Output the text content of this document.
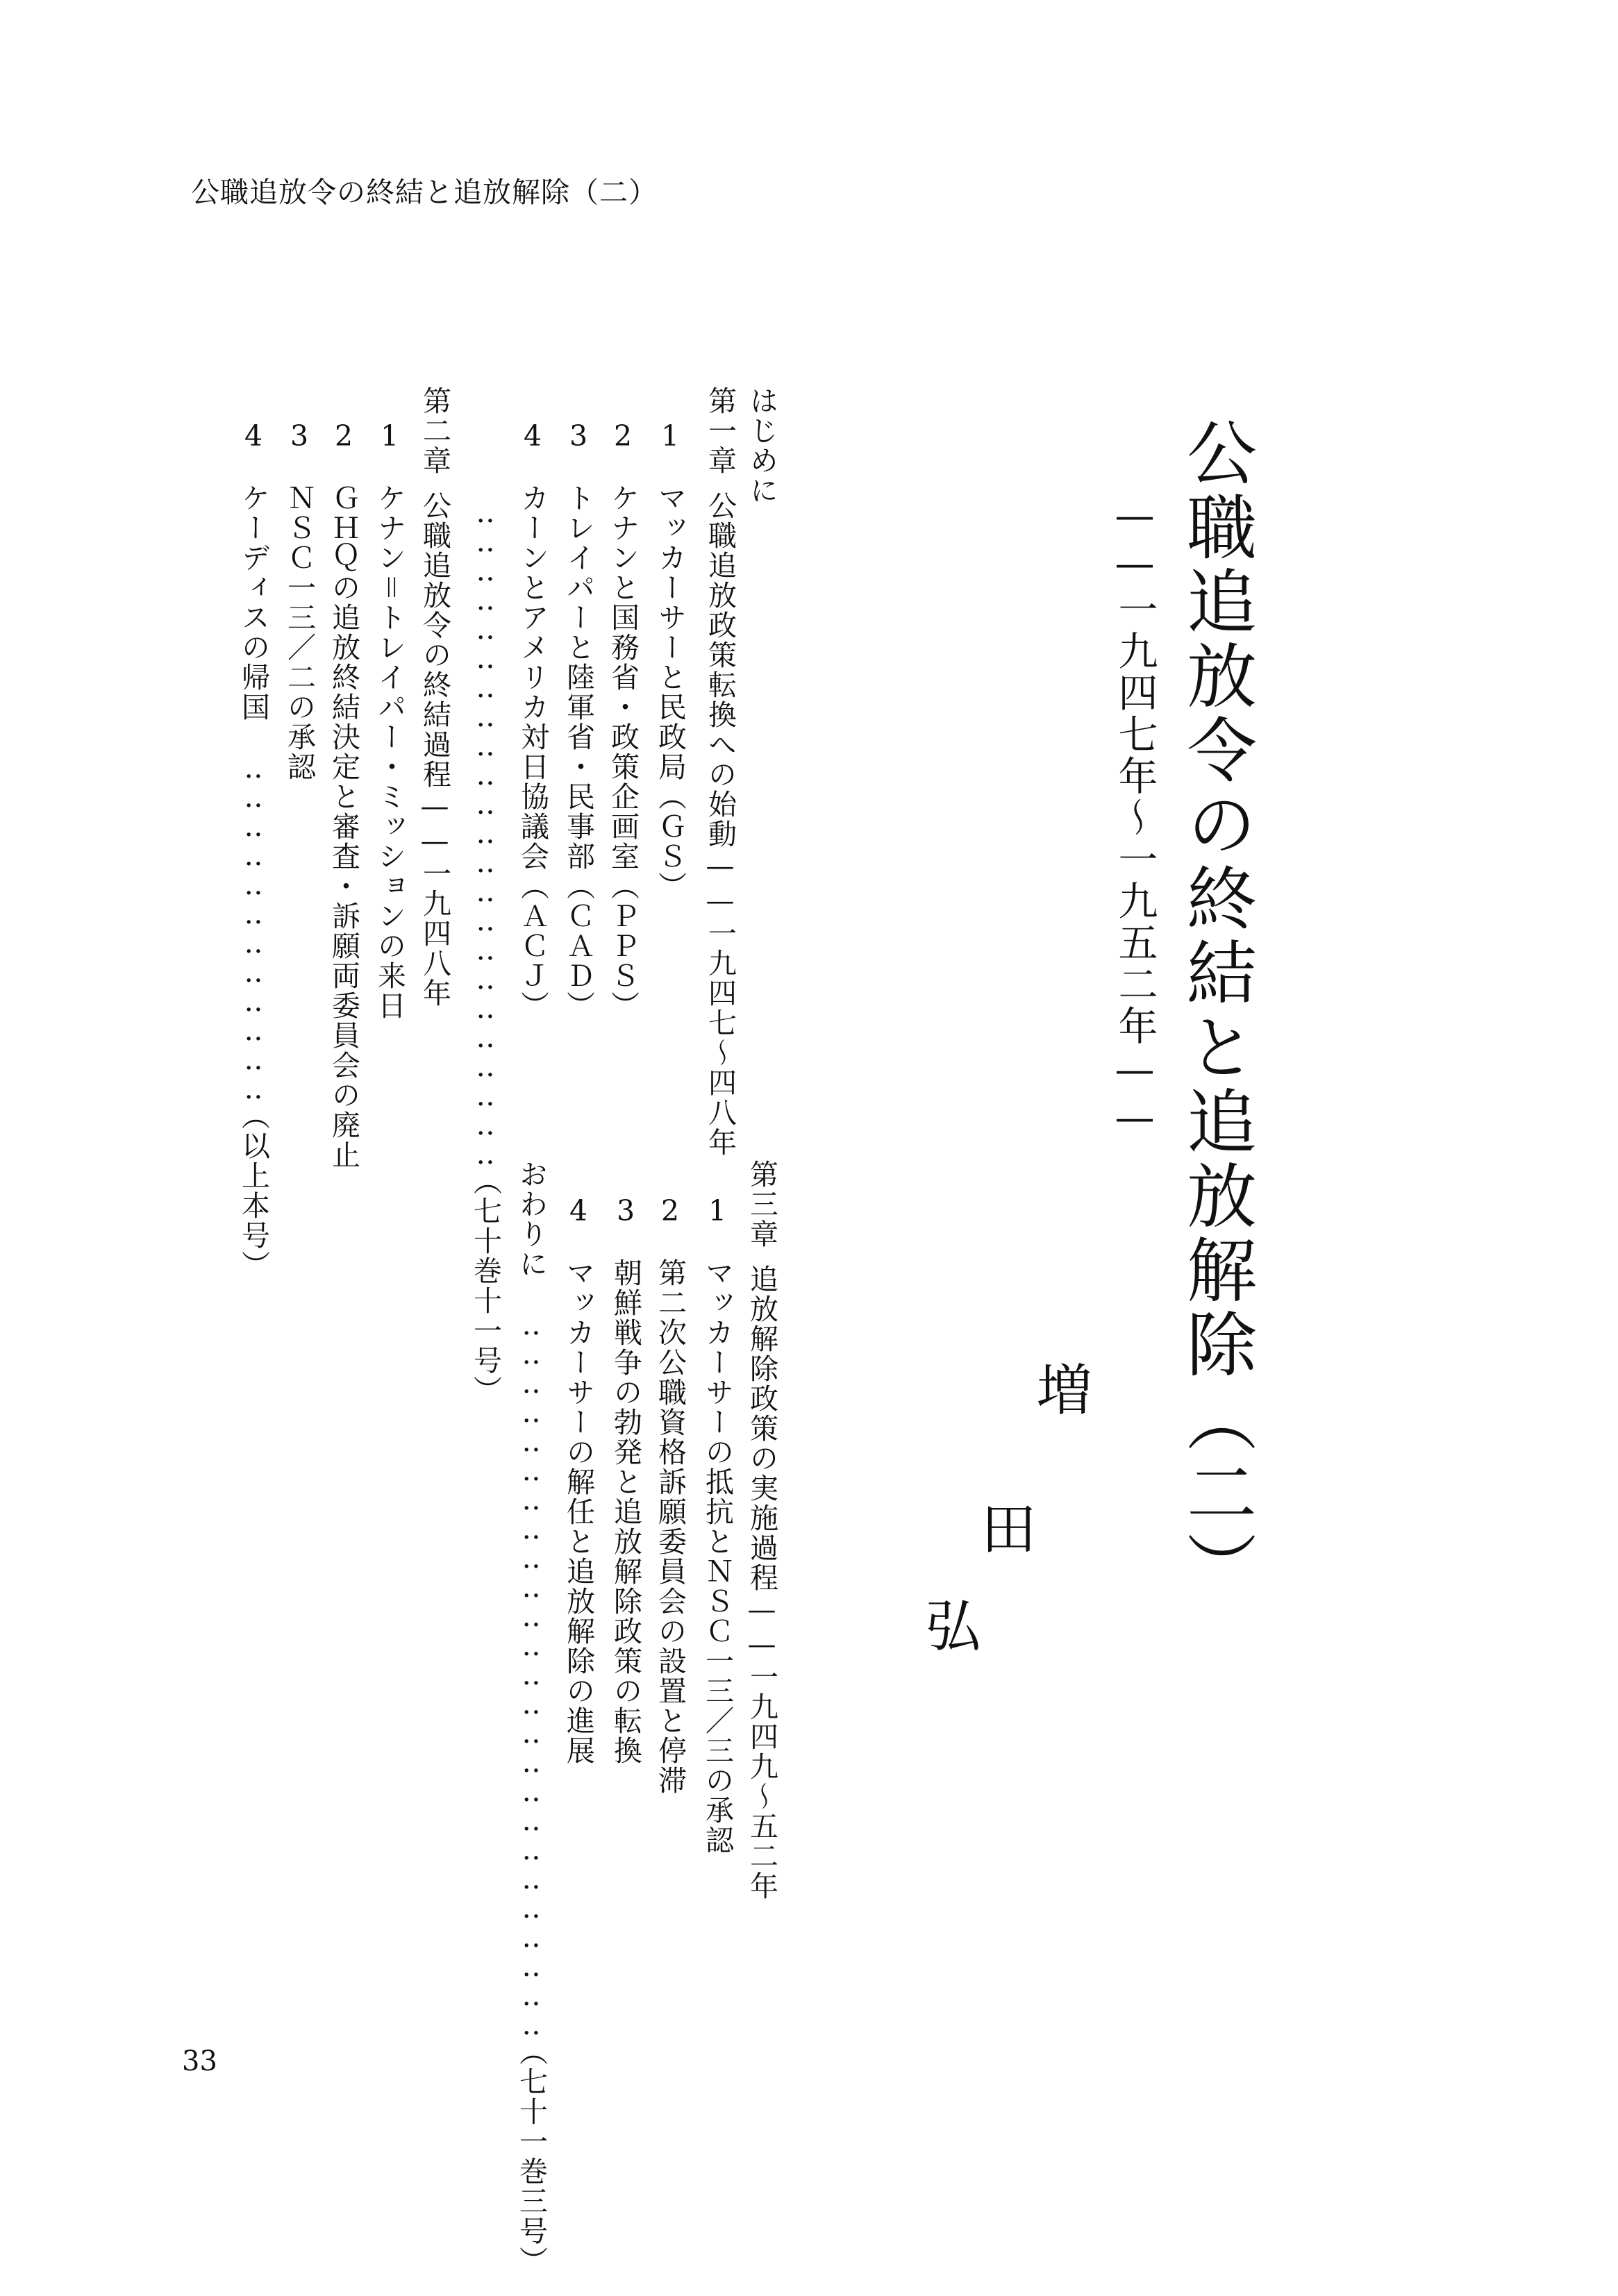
公職追放令の終結と追放解除（二）
公職追放令の終結と追放解除（二）
——一九四七年〜一九五二年——
増
田
弘
はじめに
第一章公職追放政策転換への始動——一九四七〜四八年
1マッカーサーと民政局（ＧＳ）
2ケナンと国務省・政策企画室（ＰＰＳ）
3トレイパーと陸軍省・民事部（ＣＡＤ）
4カーンとアメリカ対日協議会（ＡＣＪ）
‥‥‥‥‥‥‥‥‥‥‥‥‥‥‥‥‥‥‥‥‥‥‥（七十巻十一号）
第二章公職追放令の終結過程——一九四八年
1ケナン＝トレイパー・ミッションの来日
2ＧＨＱの追放終結決定と審査・訴願両委員会の廃止
3ＮＳＣ一三／二の承認
4ケーディスの帰国‥‥‥‥‥‥‥‥‥‥‥‥（以上本号）	第三章追放解除政策の実施過程——一九四九〜五二年
1マッカーサーの抵抗とＮＳＣ一三／三の承認
2第二次公職資格訴願委員会の設置と停滞
3朝鮮戦争の勃発と追放解除政策の転換
4マッカーサーの解任と追放解除の進展
おわりに‥‥‥‥‥‥‥‥‥‥‥‥‥‥‥‥‥‥‥‥‥‥‥‥‥（七十一巻三号）
33
